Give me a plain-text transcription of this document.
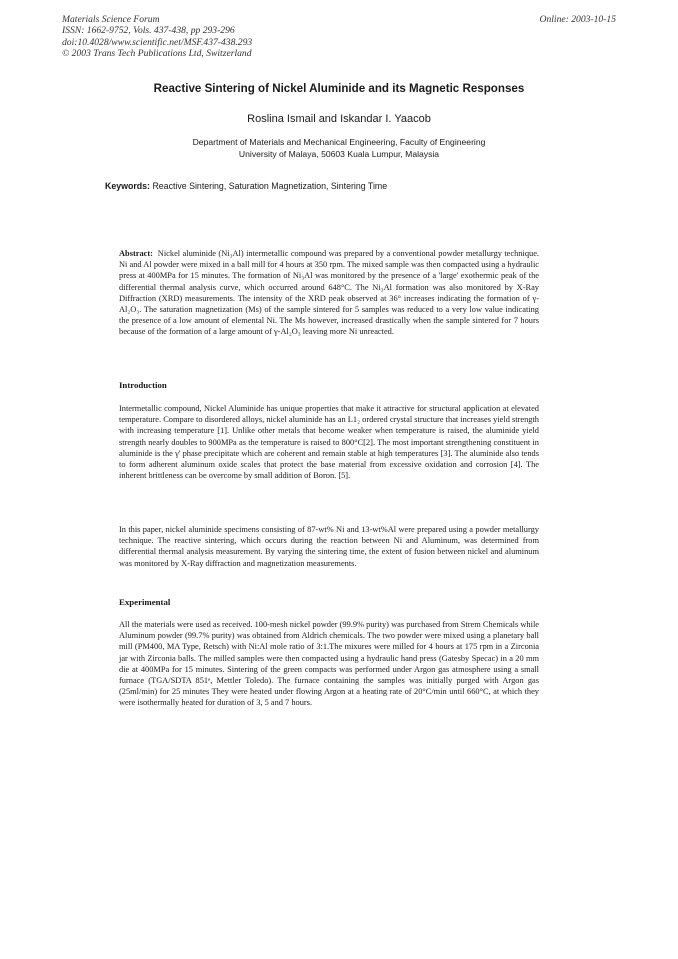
Materials Science Forum
ISSN: 1662-9752, Vols. 437-438, pp 293-296
doi:10.4028/www.scientific.net/MSF.437-438.293
© 2003 Trans Tech Publications Ltd, Switzerland
Online: 2003-10-15
Reactive Sintering of Nickel Aluminide and its Magnetic Responses
Roslina Ismail and Iskandar I. Yaacob
Department of Materials and Mechanical Engineering, Faculty of Engineering
University of Malaya, 50603 Kuala Lumpur, Malaysia
Keywords: Reactive Sintering, Saturation Magnetization, Sintering Time

Abstract: Nickel aluminide (Ni₃Al) intermetallic compound was prepared by a conventional powder metallurgy technique. Ni and Al powder were mixed in a ball mill for 4 hours at 350 rpm. The mixed sample was then compacted using a hydraulic press at 400MPa for 15 minutes. The formation of Ni₃Al was monitored by the presence of a 'large' exothermic peak of the differential thermal analysis curve, which occurred around 648°C. The Ni₃Al formation was also monitored by X-Ray Diffraction (XRD) measurements. The intensity of the XRD peak observed at 36° increases indicating the formation of γ-Al₂O₃. The saturation magnetization (Ms) of the sample sintered for 5 samples was reduced to a very low value indicating the presence of a low amount of elemental Ni. The Ms however, increased drastically when the sample sintered for 7 hours because of the formation of a large amount of γ-Al₂O₃ leaving more Ni unreacted.

Introduction
Intermetallic compound, Nickel Aluminide has unique properties that make it attractive for structural application at elevated temperature. Compare to disordered alloys, nickel aluminide has an L1₂ ordered crystal structure that increases yield strength with increasing temperature [1]. Unlike other metals that become weaker when temperature is raised, the aluminide yield strength nearly doubles to 900MPa as the temperature is raised to 800°C[2]. The most important strengthening constituent in aluminide is the γ' phase precipitate which are coherent and remain stable at high temperatures [3]. The aluminide also tends to form adherent aluminum oxide scales that protect the base material from excessive oxidation and corrosion [4]. The inherent brittleness can be overcome by small addition of Boron. [5].
In this paper, nickel aluminide specimens consisting of 87-wt% Ni and 13-wt%Al were prepared using a powder metallurgy technique. The reactive sintering, which occurs during the reaction between Ni and Aluminum, was determined from differential thermal analysis measurement. By varying the sintering time, the extent of fusion between nickel and aluminum was monitored by X-Ray diffraction and magnetization measurements.
Experimental
All the materials were used as received. 100-mesh nickel powder (99.9% purity) was purchased from Strem Chemicals while Aluminum powder (99.7% purity) was obtained from Aldrich chemicals. The two powder were mixed using a planetary ball mill (PM400, MA Type, Retsch) with Ni:Al mole ratio of 3:1.The mixures were milled for 4 hours at 175 rpm in a Zirconia jar with Zirconia balls. The milled samples were then compacted using a hydraulic hand press (Gatesby Specac) in a 20 mm die at 400MPa for 15 minutes. Sintering of the green compacts was performed under Argon gas atmosphere using a small furnace (TGA/SDTA 851ᵉ, Mettler Toledo). The furnace containing the samples was initially purged with Argon gas (25ml/min) for 25 minutes They were heated under flowing Argon at a heating rate of 20°C/min until 660°C, at which they were isothermally heated for duration of 3, 5 and 7 hours.
